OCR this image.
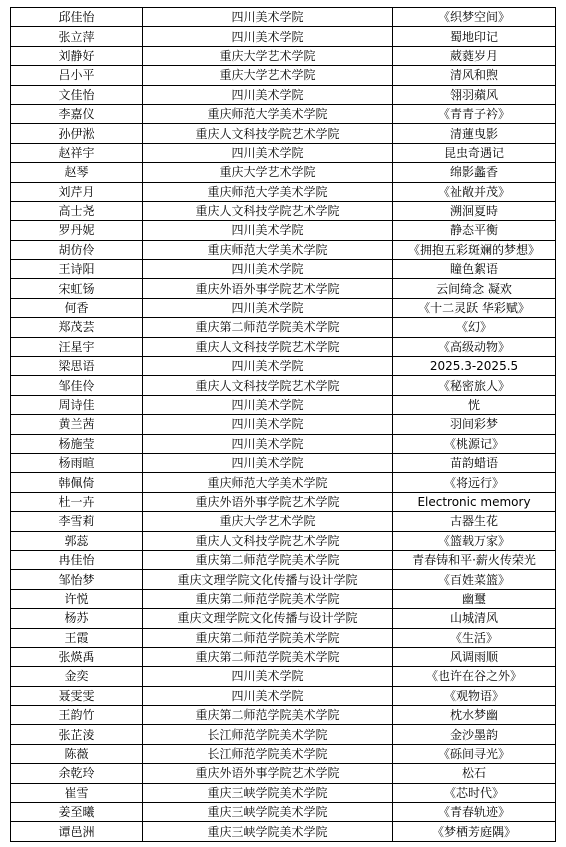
邱佳怡	四川美术学院	《织梦空间》
张立萍	四川美术学院	蜀地印记
刘静好	重庆大学艺术学院	葳蕤岁月
吕小平	重庆大学艺术学院	清风和煦
文佳怡	四川美术学院	翎羽蘋风
李嘉仪	重庆师范大学美术学院	《青青子衿》
孙伊淞	重庆人文科技学院艺术学院	清蓮曳影
赵祥宇	四川美术学院	昆虫奇遇记
赵琴	重庆大学艺术学院	绵影蠡香
刘芹月	重庆师范大学美术学院	《祉敞并茂》
高士尧	重庆人文科技学院艺术学院	溯洄夏時
罗丹妮	四川美术学院	静态平衡
胡仿伶	重庆师范大学美术学院	《拥抱五彩斑斓的梦想》
王诗阳	四川美术学院	瞳色絮语
宋虹钖	重庆外语外事学院艺术学院	云间绮念 凝欢
何香	四川美术学院	《十二灵跃 华彩赋》
郑茂芸	重庆第二师范学院美术学院	《幻》
汪星宇	重庆人文科技学院艺术学院	《高级动物》
梁思语	四川美术学院	2025.3-2025.5
邹佳伶	重庆人文科技学院艺术学院	《秘密旅人》
周诗佳	四川美术学院	恍
黄兰茜	四川美术学院	羽间彩梦
杨施莹	四川美术学院	《桃源记》
杨雨暄	四川美术学院	苗韵蜡语
韩佩倚	重庆师范大学美术学院	《将远行》
杜一卉	重庆外语外事学院艺术学院	Electronic memory
李雪莉	重庆大学艺术学院	古器生花
郭蕊	重庆人文科技学院艺术学院	《篮载万家》
冉佳怡	重庆第二师范学院美术学院	青春铸和平·薪火传荣光
邹怡梦	重庆文理学院文化传播与设计学院	《百姓菜篮》
许悦	重庆第二师范学院美术学院	幽璽
杨苏	重庆文理学院文化传播与设计学院	山城清风
王霞	重庆第二师范学院美术学院	《生活》
张煐禹	重庆第二师范学院美术学院	风调雨顺
金奕	四川美术学院	《也许在谷之外》
聂雯雯	四川美术学院	《观物语》
王韵竹	重庆第二师范学院美术学院	枕水梦幽
张芷淩	长江师范学院美术学院	金沙墨韵
陈薇	长江师范学院美术学院	《砾间寻光》
余乾玲	重庆外语外事学院艺术学院	松石
崔雪	重庆三峡学院美术学院	《芯时代》
姜至曦	重庆三峡学院美术学院	《青春轨迹》
谭邑洲	重庆三峡学院美术学院	《梦栖芳庭隅》
